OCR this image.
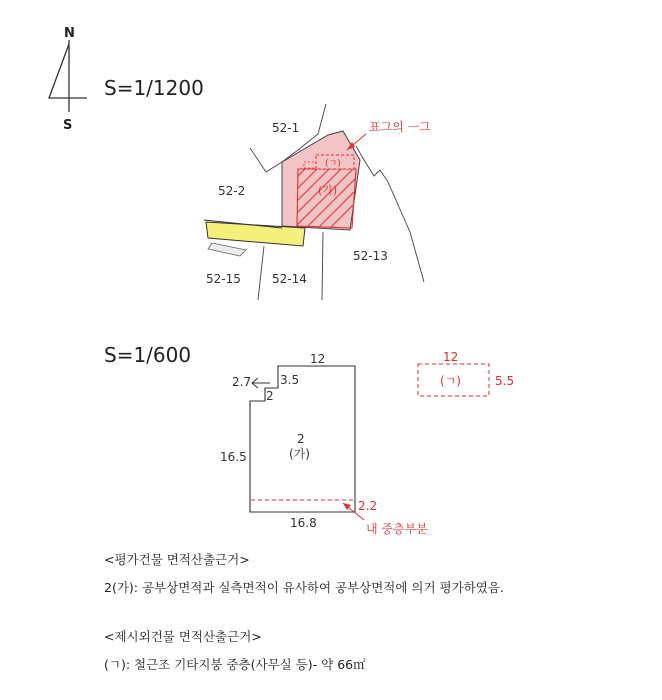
N
S
S=1/1200
52-1
52-2
52-15	52-14
52-13
(가)
(ㄱ)
표그의 ㅡ그
S=1/600	12
3.5
2.7
2
16.5
16.8
2.2
2
(가)
내 중층부분
12
5.5
(ㄱ)

<평가건물 면적산출근거>

2(가): 공부상면적과 실측면적이 유사하여 공부상면적에 의거 평가하였음.

<제시외건물 면적산출근거>

(ㄱ): 철근조 기타지붕 중층(사무실 등)- 약 66㎡
